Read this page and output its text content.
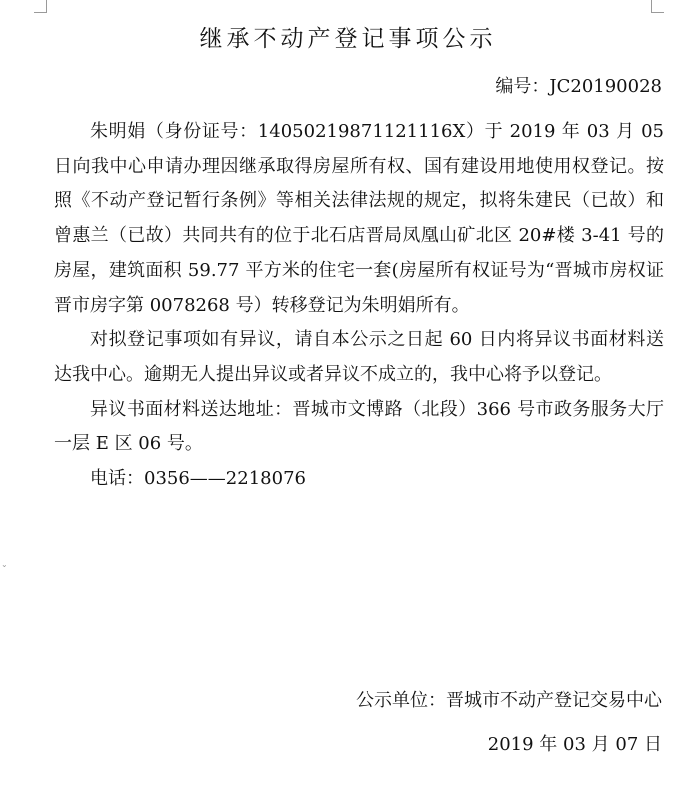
⌄
继承不动产登记事项公示
编号：JC20190028

朱明娟（身份证号：14050219871121116X）于 2019 年 03 月 05 日向我中心申请办理因继承取得房屋所有权、国有建设用地使用权登记。按照《不动产登记暂行条例》等相关法律法规的规定，拟将朱建民（已故）和曾惠兰（已故）共同共有的位于北石店晋局凤凰山矿北区 20#楼 3-41 号的房屋，建筑面积 59.77 平方米的住宅一套(房屋所有权证号为“晋城市房权证晋市房字第 0078268 号）转移登记为朱明娟所有。

对拟登记事项如有异议，请自本公示之日起 60 日内将异议书面材料送达我中心。逾期无人提出异议或者异议不成立的，我中心将予以登记。

异议书面材料送达地址：晋城市文博路（北段）366 号市政务服务大厅一层 E 区 06 号。

电话：0356——2218076

公示单位：晋城市不动产登记交易中心
2019 年 03 月 07 日
